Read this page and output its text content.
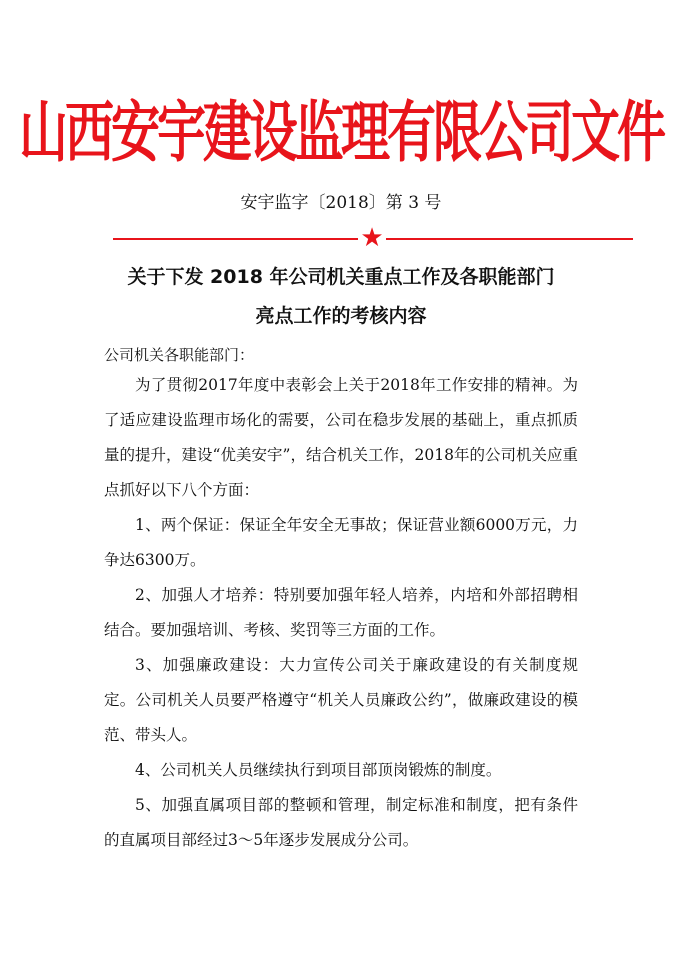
山西安宇建设监理有限公司文件
安宇监字〔2018〕第 3 号
★
关于下发 2018 年公司机关重点工作及各职能部门
亮点工作的考核内容
公司机关各职能部门：

为了贯彻2017年度中表彰会上关于2018年工作安排的精神。为了适应建设监理市场化的需要，公司在稳步发展的基础上，重点抓质量的提升，建设“优美安宇”，结合机关工作，2018年的公司机关应重点抓好以下八个方面：

1、两个保证：保证全年安全无事故；保证营业额6000万元，力争达6300万。

2、加强人才培养：特别要加强年轻人培养，内培和外部招聘相结合。要加强培训、考核、奖罚等三方面的工作。

3、加强廉政建设：大力宣传公司关于廉政建设的有关制度规定。公司机关人员要严格遵守“机关人员廉政公约”，做廉政建设的模范、带头人。

4、公司机关人员继续执行到项目部顶岗锻炼的制度。

5、加强直属项目部的整顿和管理，制定标准和制度，把有条件的直属项目部经过3～5年逐步发展成分公司。
